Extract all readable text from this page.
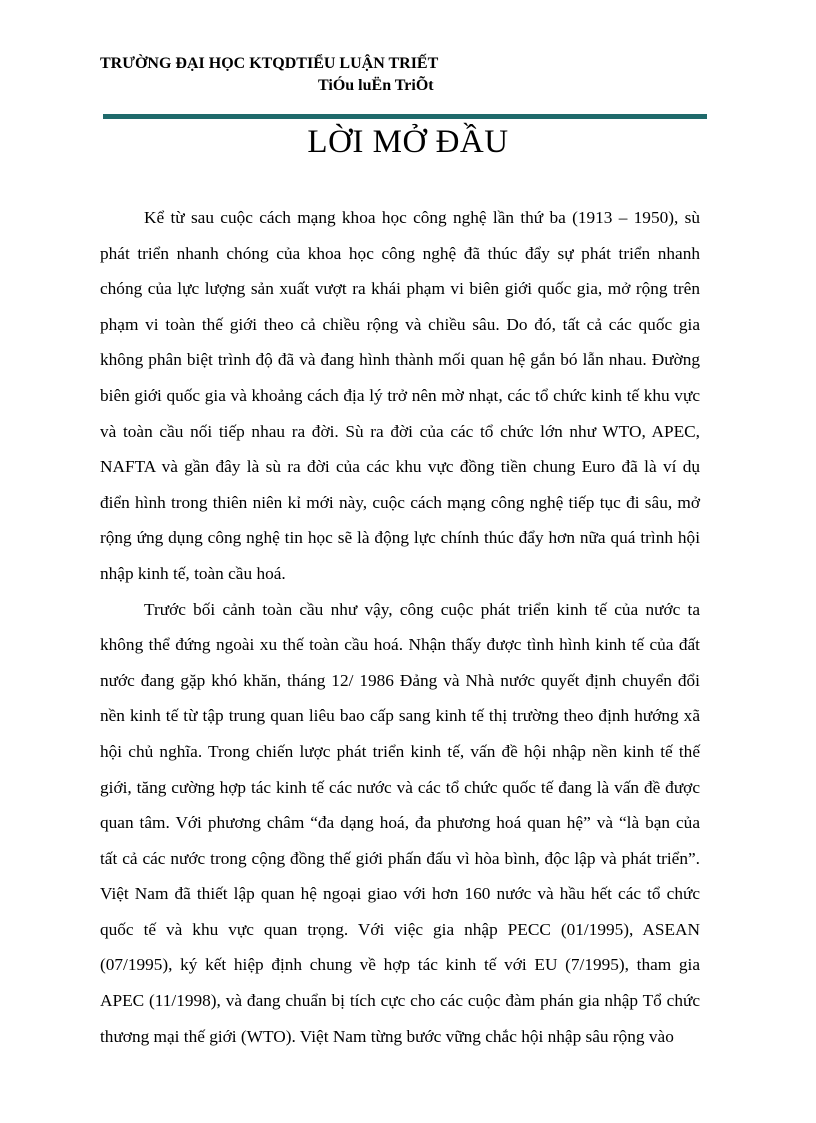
TRƯỜNG ĐẠI HỌC KTQDTIỂU LUẬN TRIẾT
TiÓu luËn TriÕt
LỜI MỞ ĐẦU
Kể từ sau cuộc cách mạng khoa học công nghệ lần thứ ba (1913 – 1950), sù
phát triển nhanh chóng của khoa học công nghệ đã thúc đẩy sự phát triển nhanh
chóng của lực lượng sản xuất vượt ra khái phạm vi biên giới quốc gia, mở rộng trên
phạm vi toàn thế giới theo cả chiều rộng và chiều sâu. Do đó, tất cả các quốc gia
không phân biệt trình độ đã và đang hình thành mối quan hệ gắn bó lẫn nhau. Đường
biên giới quốc gia và khoảng cách địa lý trở nên mờ nhạt, các tổ chức kinh tế khu vực
và toàn cầu nối tiếp nhau ra đời. Sù ra đời của các tổ chức lớn như WTO, APEC,
NAFTA và gần đây là sù ra đời của các khu vực đồng tiền chung Euro đã là ví dụ
điển hình trong thiên niên kỉ mới này, cuộc cách mạng công nghệ tiếp tục đi sâu, mở
rộng ứng dụng công nghệ tin học sẽ là động lực chính thúc đẩy hơn nữa quá trình hội
nhập kinh tế, toàn cầu hoá.
Trước bối cảnh toàn cầu như vậy, công cuộc phát triển kinh tế của nước ta
không thể đứng ngoài xu thế toàn cầu hoá. Nhận thấy được tình hình kinh tế của đất
nước đang gặp khó khăn, tháng 12/ 1986 Đảng và Nhà nước quyết định chuyển đổi
nền kinh tế từ tập trung quan liêu bao cấp sang kinh tế thị trường theo định hướng xã
hội chủ nghĩa. Trong chiến lược phát triển kinh tế, vấn đề hội nhập nền kinh tế thế
giới, tăng cường hợp tác kinh tế các nước và các tổ chức quốc tế đang là vấn đề được
quan tâm. Với phương châm “đa dạng hoá, đa phương hoá quan hệ” và “là bạn của
tất cả các nước trong cộng đồng thế giới phấn đấu vì hòa bình, độc lập và phát triển”.
Việt Nam đã thiết lập quan hệ ngoại giao với hơn 160 nước và hầu hết các tổ chức
quốc tế và khu vực quan trọng. Với việc gia nhập PECC (01/1995), ASEAN
(07/1995), ký kết hiệp định chung về hợp tác kinh tế với EU (7/1995), tham gia
APEC (11/1998), và đang chuẩn bị tích cực cho các cuộc đàm phán gia nhập Tổ chức
thương mại thế giới (WTO). Việt Nam từng bước vững chắc hội nhập sâu rộng vào
